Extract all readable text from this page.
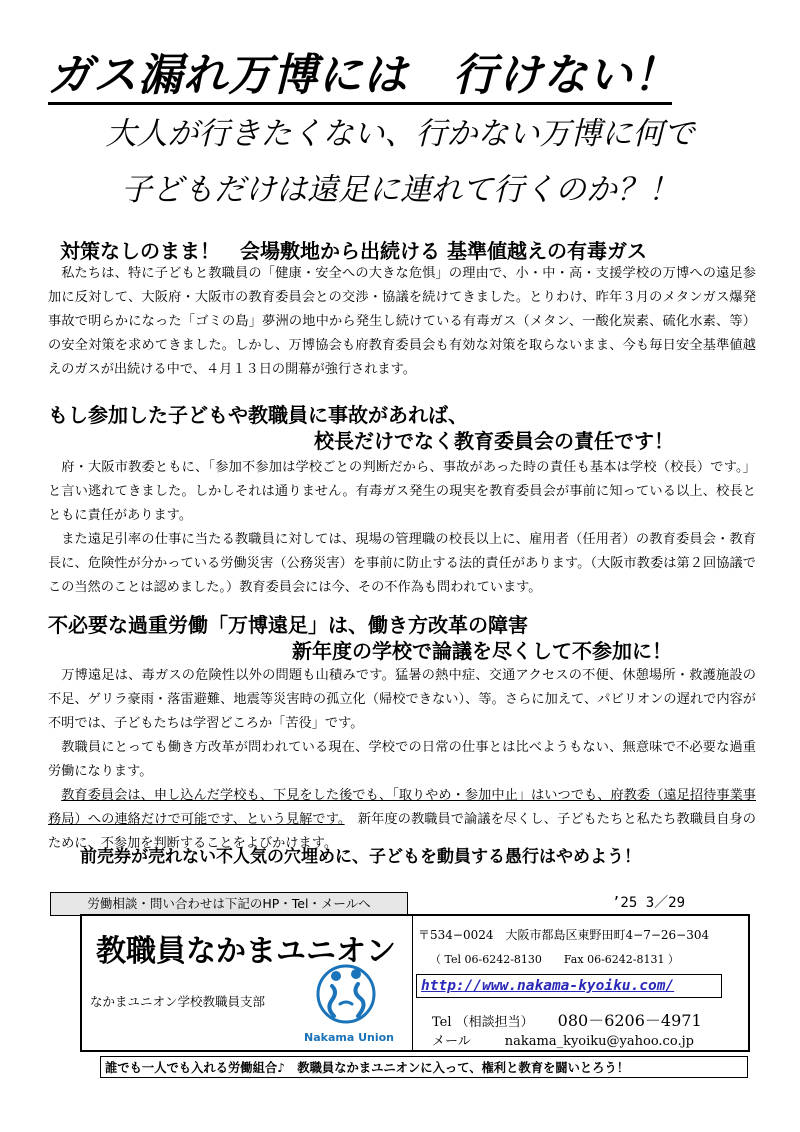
ガス漏れ万博には　行けない！
大人が行きたくない、行かない万博に何で
子どもだけは遠足に連れて行くのか？！
対策なしのまま！　会場敷地から出続ける 基準値越えの有毒ガス

私たちは、特に子どもと教職員の「健康・安全への大きな危惧」の理由で、小・中・高・支援学校の万博への遠足参加に反対して、大阪府・大阪市の教育委員会との交渉・協議を続けてきました。とりわけ、昨年３月のメタンガス爆発事故で明らかになった「ゴミの島」夢洲の地中から発生し続けている有毒ガス（メタン、一酸化炭素、硫化水素、等）の安全対策を求めてきました。しかし、万博協会も府教育委員会も有効な対策を取らないまま、今も毎日安全基準値越えのガスが出続ける中で、４月１３日の開幕が強行されます。

もし参加した子どもや教職員に事故があれば、
校長だけでなく教育委員会の責任です！

府・大阪市教委ともに、「参加不参加は学校ごとの判断だから、事故があった時の責任も基本は学校（校長）です。」と言い逃れてきました。しかしそれは通りません。有毒ガス発生の現実を教育委員会が事前に知っている以上、校長とともに責任があります。

また遠足引率の仕事に当たる教職員に対しては、現場の管理職の校長以上に、雇用者（任用者）の教育委員会・教育長に、危険性が分かっている労働災害（公務災害）を事前に防止する法的責任があります。（大阪市教委は第２回協議でこの当然のことは認めました。）教育委員会には今、その不作為も問われています。

不必要な過重労働「万博遠足」は、働き方改革の障害
新年度の学校で論議を尽くして不参加に！

万博遠足は、毒ガスの危険性以外の問題も山積みです。猛暑の熱中症、交通アクセスの不便、休憩場所・救護施設の不足、ゲリラ豪雨・落雷避難、地震等災害時の孤立化（帰校できない）、等。さらに加えて、パビリオンの遅れで内容が不明では、子どもたちは学習どころか「苦役」です。

教職員にとっても働き方改革が問われている現在、学校での日常の仕事とは比べようもない、無意味で不必要な過重労働になります。

教育委員会は、申し込んだ学校も、下見をした後でも、「取りやめ・参加中止」はいつでも、府教委（遠足招待事業事務局）への連絡だけで可能です、という見解です。　新年度の教職員で論議を尽くし、子どもたちと私たち教職員自身のために、不参加を判断することをよびかけます。

前売券が売れない不人気の穴埋めに、子どもを動員する愚行はやめよう！
労働相談・問い合わせは下記のHP・Tel・メールへ	’25 3／29
教職員なかまユニオン
なかまユニオン学校教職員支部
Nakama Union
〒534−0024　大阪市都島区東野田町4−7−26−304
（ Tel 06-6242-8130　　Fax 06-6242-8131 ）
http://www.nakama-kyoiku.com/
Tel （相談担当） 080－6206－4971
メール	nakama_kyoiku@yahoo.co.jp
誰でも一人でも入れる労働組合♪　教職員なかまユニオンに入って、権利と教育を闘いとろう！
